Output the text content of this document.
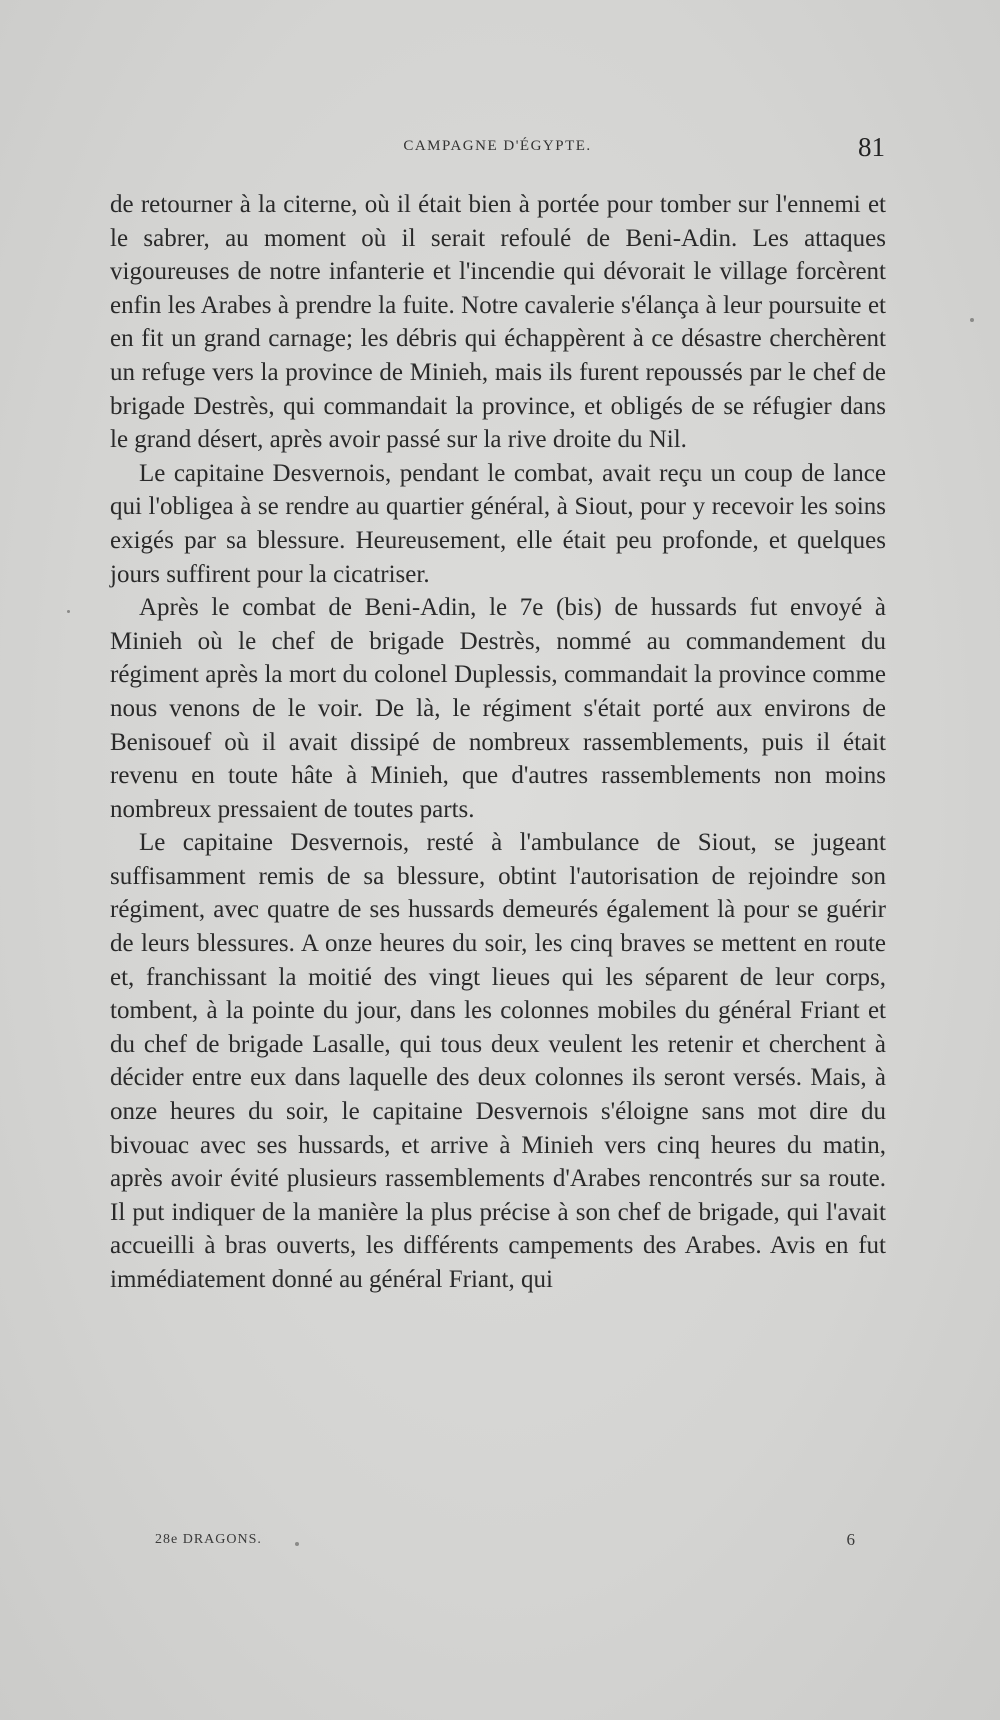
CAMPAGNE D'ÉGYPTE.	81

de retourner à la citerne, où il était bien à portée pour tomber sur l'ennemi et le sabrer, au moment où il serait refoulé de Beni-Adin. Les attaques vigoureuses de notre infanterie et l'incendie qui dévorait le village forcèrent enfin les Arabes à prendre la fuite. Notre cavalerie s'élança à leur poursuite et en fit un grand carnage; les débris qui échappèrent à ce désastre cherchèrent un refuge vers la province de Minieh, mais ils furent repoussés par le chef de brigade Destrès, qui commandait la province, et obligés de se réfugier dans le grand désert, après avoir passé sur la rive droite du Nil.

Le capitaine Desvernois, pendant le combat, avait reçu un coup de lance qui l'obligea à se rendre au quartier général, à Siout, pour y recevoir les soins exigés par sa blessure. Heureusement, elle était peu profonde, et quelques jours suffirent pour la cicatriser.

Après le combat de Beni-Adin, le 7e (bis) de hussards fut envoyé à Minieh où le chef de brigade Destrès, nommé au commandement du régiment après la mort du colonel Duplessis, commandait la province comme nous venons de le voir. De là, le régiment s'était porté aux environs de Benisouef où il avait dissipé de nombreux rassemblements, puis il était revenu en toute hâte à Minieh, que d'autres rassemblements non moins nombreux pressaient de toutes parts.

Le capitaine Desvernois, resté à l'ambulance de Siout, se jugeant suffisamment remis de sa blessure, obtint l'autorisation de rejoindre son régiment, avec quatre de ses hussards demeurés également là pour se guérir de leurs blessures. A onze heures du soir, les cinq braves se mettent en route et, franchissant la moitié des vingt lieues qui les séparent de leur corps, tombent, à la pointe du jour, dans les colonnes mobiles du général Friant et du chef de brigade Lasalle, qui tous deux veulent les retenir et cherchent à décider entre eux dans laquelle des deux colonnes ils seront versés. Mais, à onze heures du soir, le capitaine Desvernois s'éloigne sans mot dire du bivouac avec ses hussards, et arrive à Minieh vers cinq heures du matin, après avoir évité plusieurs rassemblements d'Arabes rencontrés sur sa route. Il put indiquer de la manière la plus précise à son chef de brigade, qui l'avait accueilli à bras ouverts, les différents campements des Arabes. Avis en fut immédiatement donné au général Friant, qui

28e DRAGONS.	6
